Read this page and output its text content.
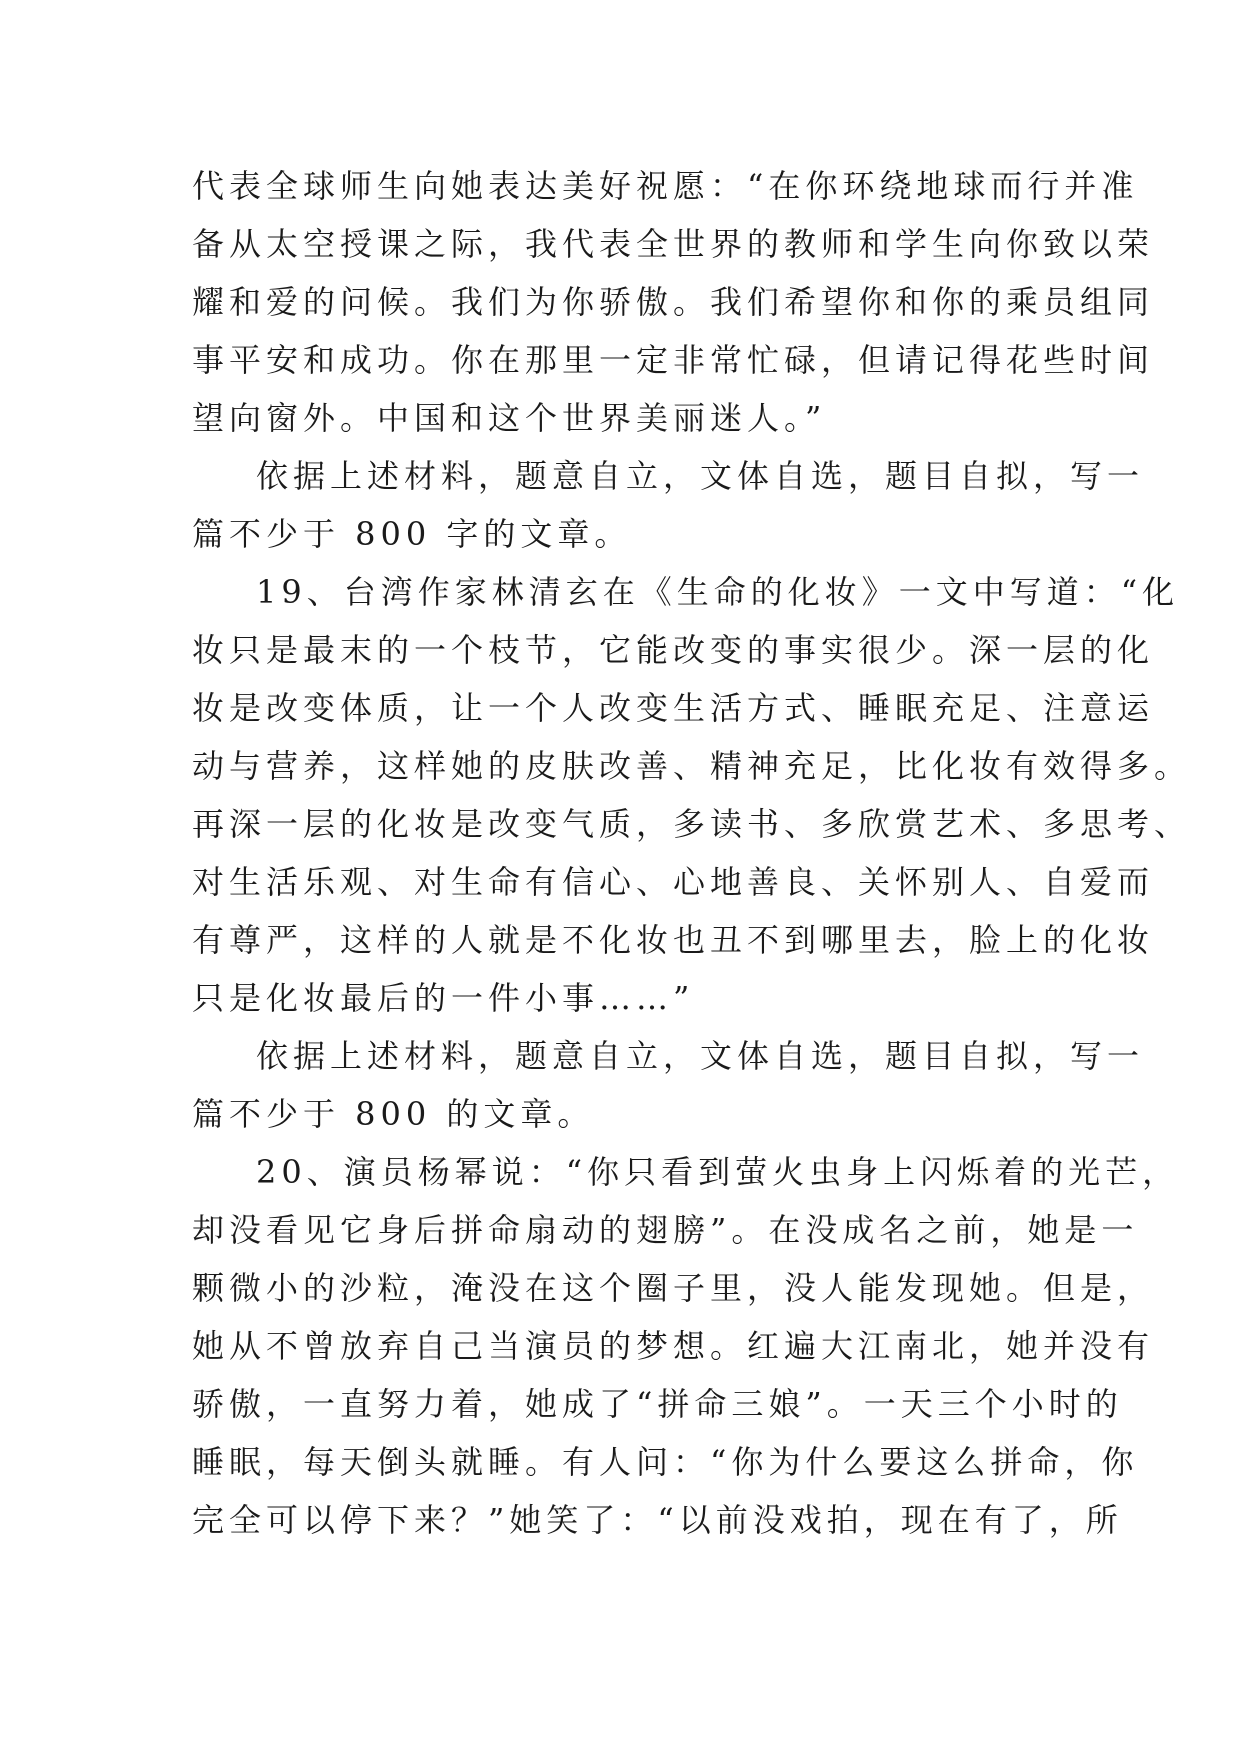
代表全球师生向她表达美好祝愿：“在你环绕地球而行并准
备从太空授课之际，我代表全世界的教师和学生向你致以荣
耀和爱的问候。我们为你骄傲。我们希望你和你的乘员组同
事平安和成功。你在那里一定非常忙碌，但请记得花些时间
望向窗外。中国和这个世界美丽迷人。”
依据上述材料，题意自立，文体自选，题目自拟，写一
篇不少于 800 字的文章。
19、台湾作家林清玄在《生命的化妆》一文中写道：“化
妆只是最末的一个枝节，它能改变的事实很少。深一层的化
妆是改变体质，让一个人改变生活方式、睡眠充足、注意运
动与营养，这样她的皮肤改善、精神充足，比化妆有效得多。
再深一层的化妆是改变气质，多读书、多欣赏艺术、多思考、
对生活乐观、对生命有信心、心地善良、关怀别人、自爱而
有尊严，这样的人就是不化妆也丑不到哪里去，脸上的化妆
只是化妆最后的一件小事……”
依据上述材料，题意自立，文体自选，题目自拟，写一
篇不少于 800 的文章。
20、演员杨幂说：“你只看到萤火虫身上闪烁着的光芒，
却没看见它身后拼命扇动的翅膀”。在没成名之前，她是一
颗微小的沙粒，淹没在这个圈子里，没人能发现她。但是，
她从不曾放弃自己当演员的梦想。红遍大江南北，她并没有
骄傲，一直努力着，她成了“拼命三娘”。一天三个小时的
睡眠，每天倒头就睡。有人问：“你为什么要这么拼命，你
完全可以停下来？”她笑了：“以前没戏拍，现在有了，所
